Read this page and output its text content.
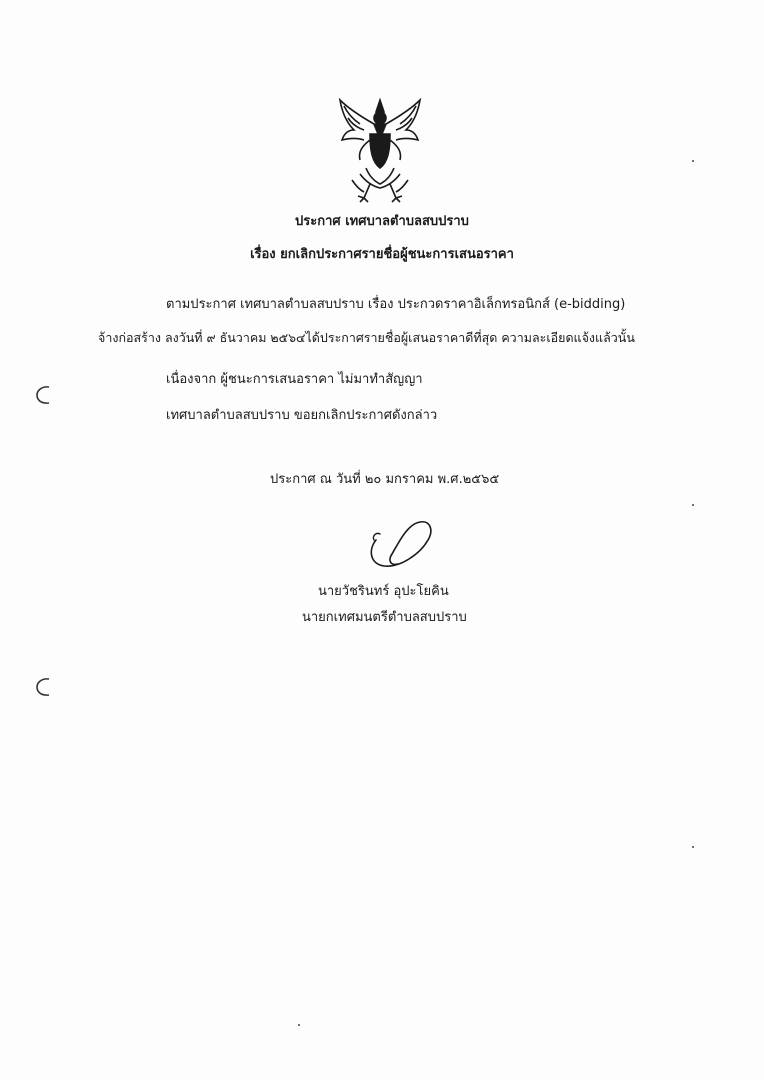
ประกาศ เทศบาลตำบลสบปราบ
เรื่อง ยกเลิกประกาศรายชื่อผู้ชนะการเสนอราคา
ตามประกาศ เทศบาลตำบลสบปราบ เรื่อง ประกวดราคาอิเล็กทรอนิกส์ (e-bidding)
จ้างก่อสร้าง ลงวันที่ ๙ ธันวาคม ๒๕๖๔ได้ประกาศรายชื่อผู้เสนอราคาดีที่สุด ความละเอียดแจ้งแล้วนั้น
เนื่องจาก ผู้ชนะการเสนอราคา ไม่มาทำสัญญา
เทศบาลตำบลสบปราบ ขอยกเลิกประกาศดังกล่าว
ประกาศ ณ วันที่ ๒๐ มกราคม พ.ศ.๒๕๖๕
นายวัชรินทร์ อุปะโยคิน
นายกเทศมนตรีตำบลสบปราบ
